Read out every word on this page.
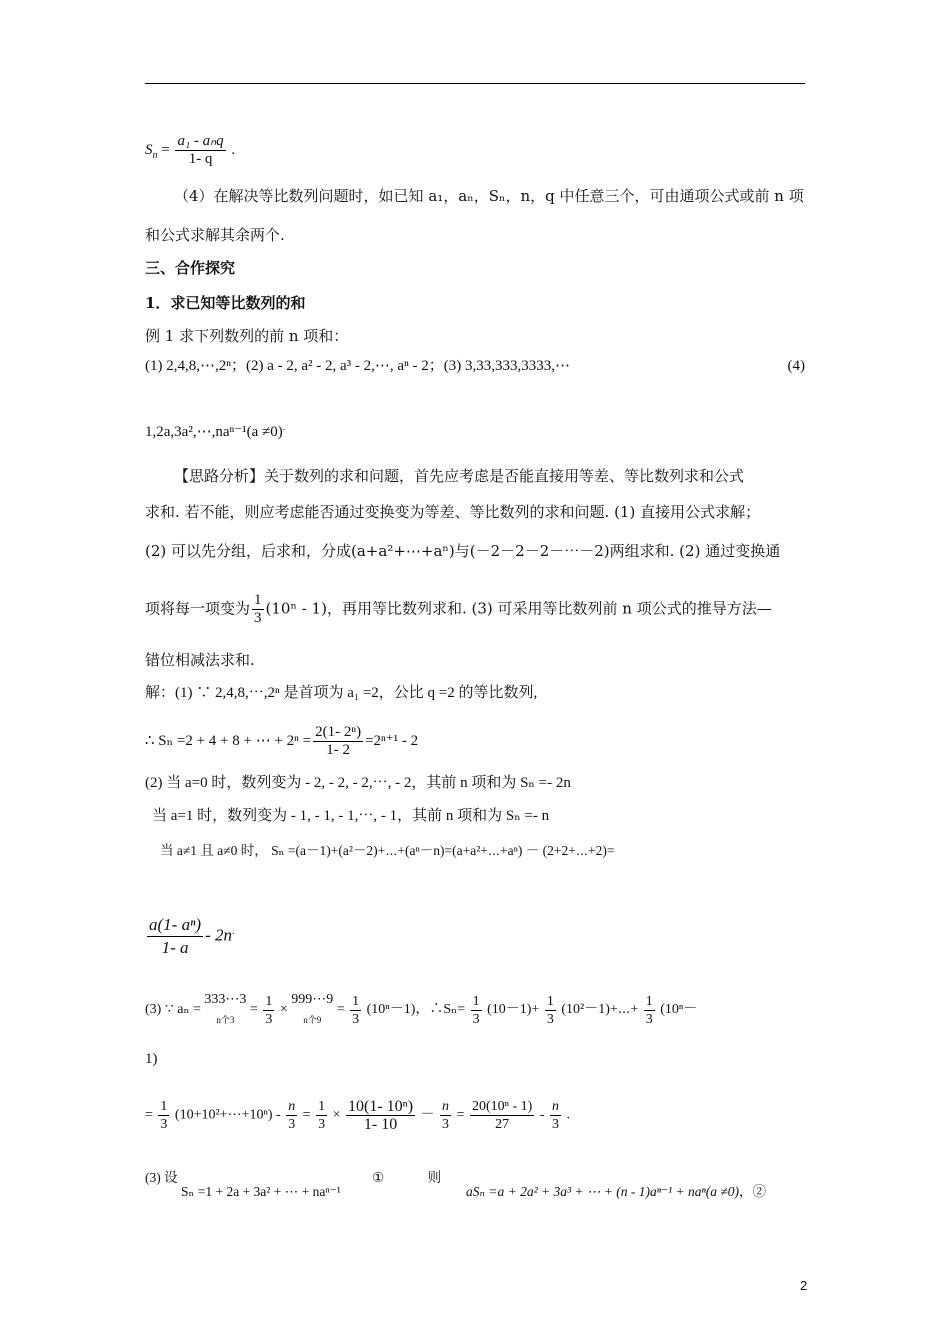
$S_n = \frac{\text{a₁ - aₙq}}{1- q}$ .
（4）在解决等比数列问题时，如已知 a₁，aₙ，Sₙ，n，q 中任意三个，可由通项公式或前 n 项
和公式求解其余两个.
三、合作探究
1．求已知等比数列的和
例 1 求下列数列的前 n 项和：
(1) 2,4,8,⋯,2ⁿ；(2) a - 2, a² - 2, a³ - 2,⋯, aⁿ - 2；(3) 3,33,333,3333,⋯	(4)
1,2a,3a²,⋯,naⁿ⁻¹(a ≠0).
【思路分析】关于数列的求和问题，首先应考虑是否能直接用等差、等比数列求和公式
求和. 若不能，则应考虑能否通过变换变为等差、等比数列的求和问题. (1) 直接用公式求解；
(2) 可以先分组，后求和，分成(a+a²+⋯+aⁿ)与(－2－2－2－⋯－2)两组求和. (2) 通过变换通
项将每一项变为 $\frac{1}{3} (10^n - 1)$，再用等比数列求和. (3) 可采用等比数列前 n 项公式的推导方法—
错位相减法求和.
解：(1) ∵ 2,4,8,⋯,2ⁿ 是首项为 a₁ =2，公比 q =2 的等比数列,
∴ Sₙ =2 + 4 + 8 + ⋯ + $2^n = \frac{\text{2(1- 2ⁿ)}}{1- 2} =2^{n+1} - 2$
(2) 当 a=0 时，数列变为 - 2, - 2, - 2,⋯, - 2，其前 n 项和为 Sₙ =- 2n
当 a=1 时，数列变为 - 1, - 1, - 1,⋯, - 1，其前 n 项和为 Sₙ =- n
当 a≠1 且 a≠0 时， Sₙ =(a－1)+(a²－2)+⋯+(aⁿ－n)=(a+a²+⋯+aⁿ) － (2+2+⋯+2)=
$\frac{\text{a(1- aⁿ)}}{1- a} - 2n^.$
(3) ∵ aₙ =
333⋯3
n个3
= $\frac{1}{3}$ ×
999⋯9
n个9
= $\frac{1}{3} (10^n-1)$，∴Sₙ= $\frac{1}{3} (10-1)+ \frac{1}{3}$ (10²－1)+⋯+ $\frac{1}{3} (10^n-$
1)
= $\frac{1}{3}$ (10+10²+⋯+10ⁿ) - $\frac{n}{3} = \frac{1}{3} \times \frac{\text{10(1- 10ⁿ)}}{1- 10} - \frac{n}{3} = \frac{\text{20(10ⁿ - 1)}}{27} - \frac{n}{3}$ .
(3) 设 Sₙ =1 + 2a + 3a² + ⋯ + naⁿ⁻¹ ①	则
aSₙ =a + 2a² + 3a³ + ⋯ + (n - 1)aⁿ⁻¹ + naⁿ(a ≠0)，②
2
